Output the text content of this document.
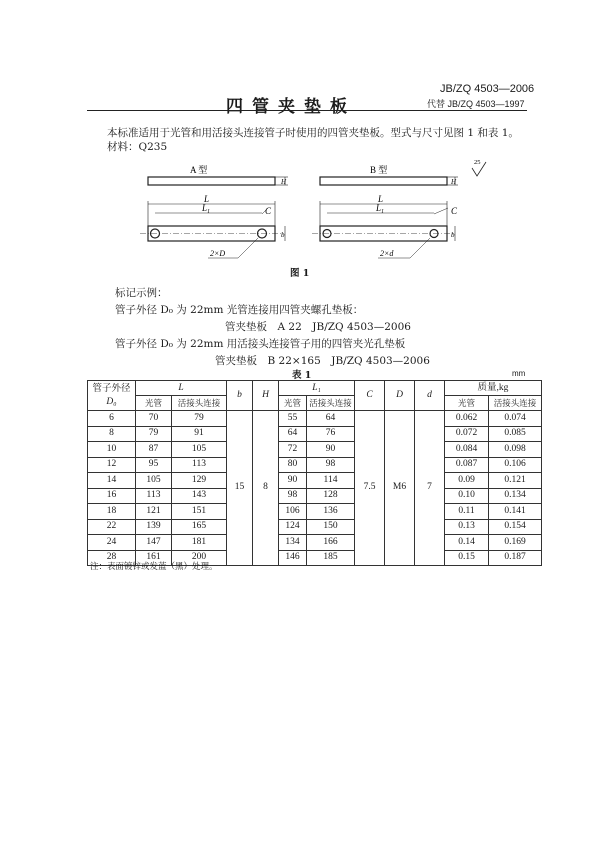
四管夹垫板
JB/ZQ 4503—2006
代替 JB/ZQ 4503—1997
本标准适用于光管和用活接头连接管子时使用的四管夹垫板。型式与尺寸见图 1 和表 1。
材料：Q235
A 型
H
L
$L_1$	C
b
2×D
B 型
H
25
L
$L_1$	C
b
2×d
图 1
标记示例：
管子外径 D₀ 为 22mm 光管连接用四管夹螺孔垫板：
管夹垫板　A 22　JB/ZQ 4503—2006
管子外径 D₀ 为 22mm 用活接头连接管子用的四管夹光孔垫板
管夹垫板　B 22×165　JB/ZQ 4503—2006
表 1	mm
管子外径
D₀	L		b	H	L₁		C	D	d	质量,kg	
	光管	活接头连接			光管	活接头连接				光管	活接头连接
6	70	79	15	8	55	64	7.5	M6	7	0.062	0.074
8	79	91			64	76				0.072	0.085
10	87	105			72	90				0.084	0.098
12	95	113			80	98				0.087	0.106
14	105	129			90	114				0.09	0.121
16	113	143			98	128				0.10	0.134
18	121	151			106	136				0.11	0.141
22	139	165			124	150				0.13	0.154
24	147	181			134	166				0.14	0.169
28	161	200			146	185				0.15	0.187
注：表面镀锌或发蓝（黑）处理。
